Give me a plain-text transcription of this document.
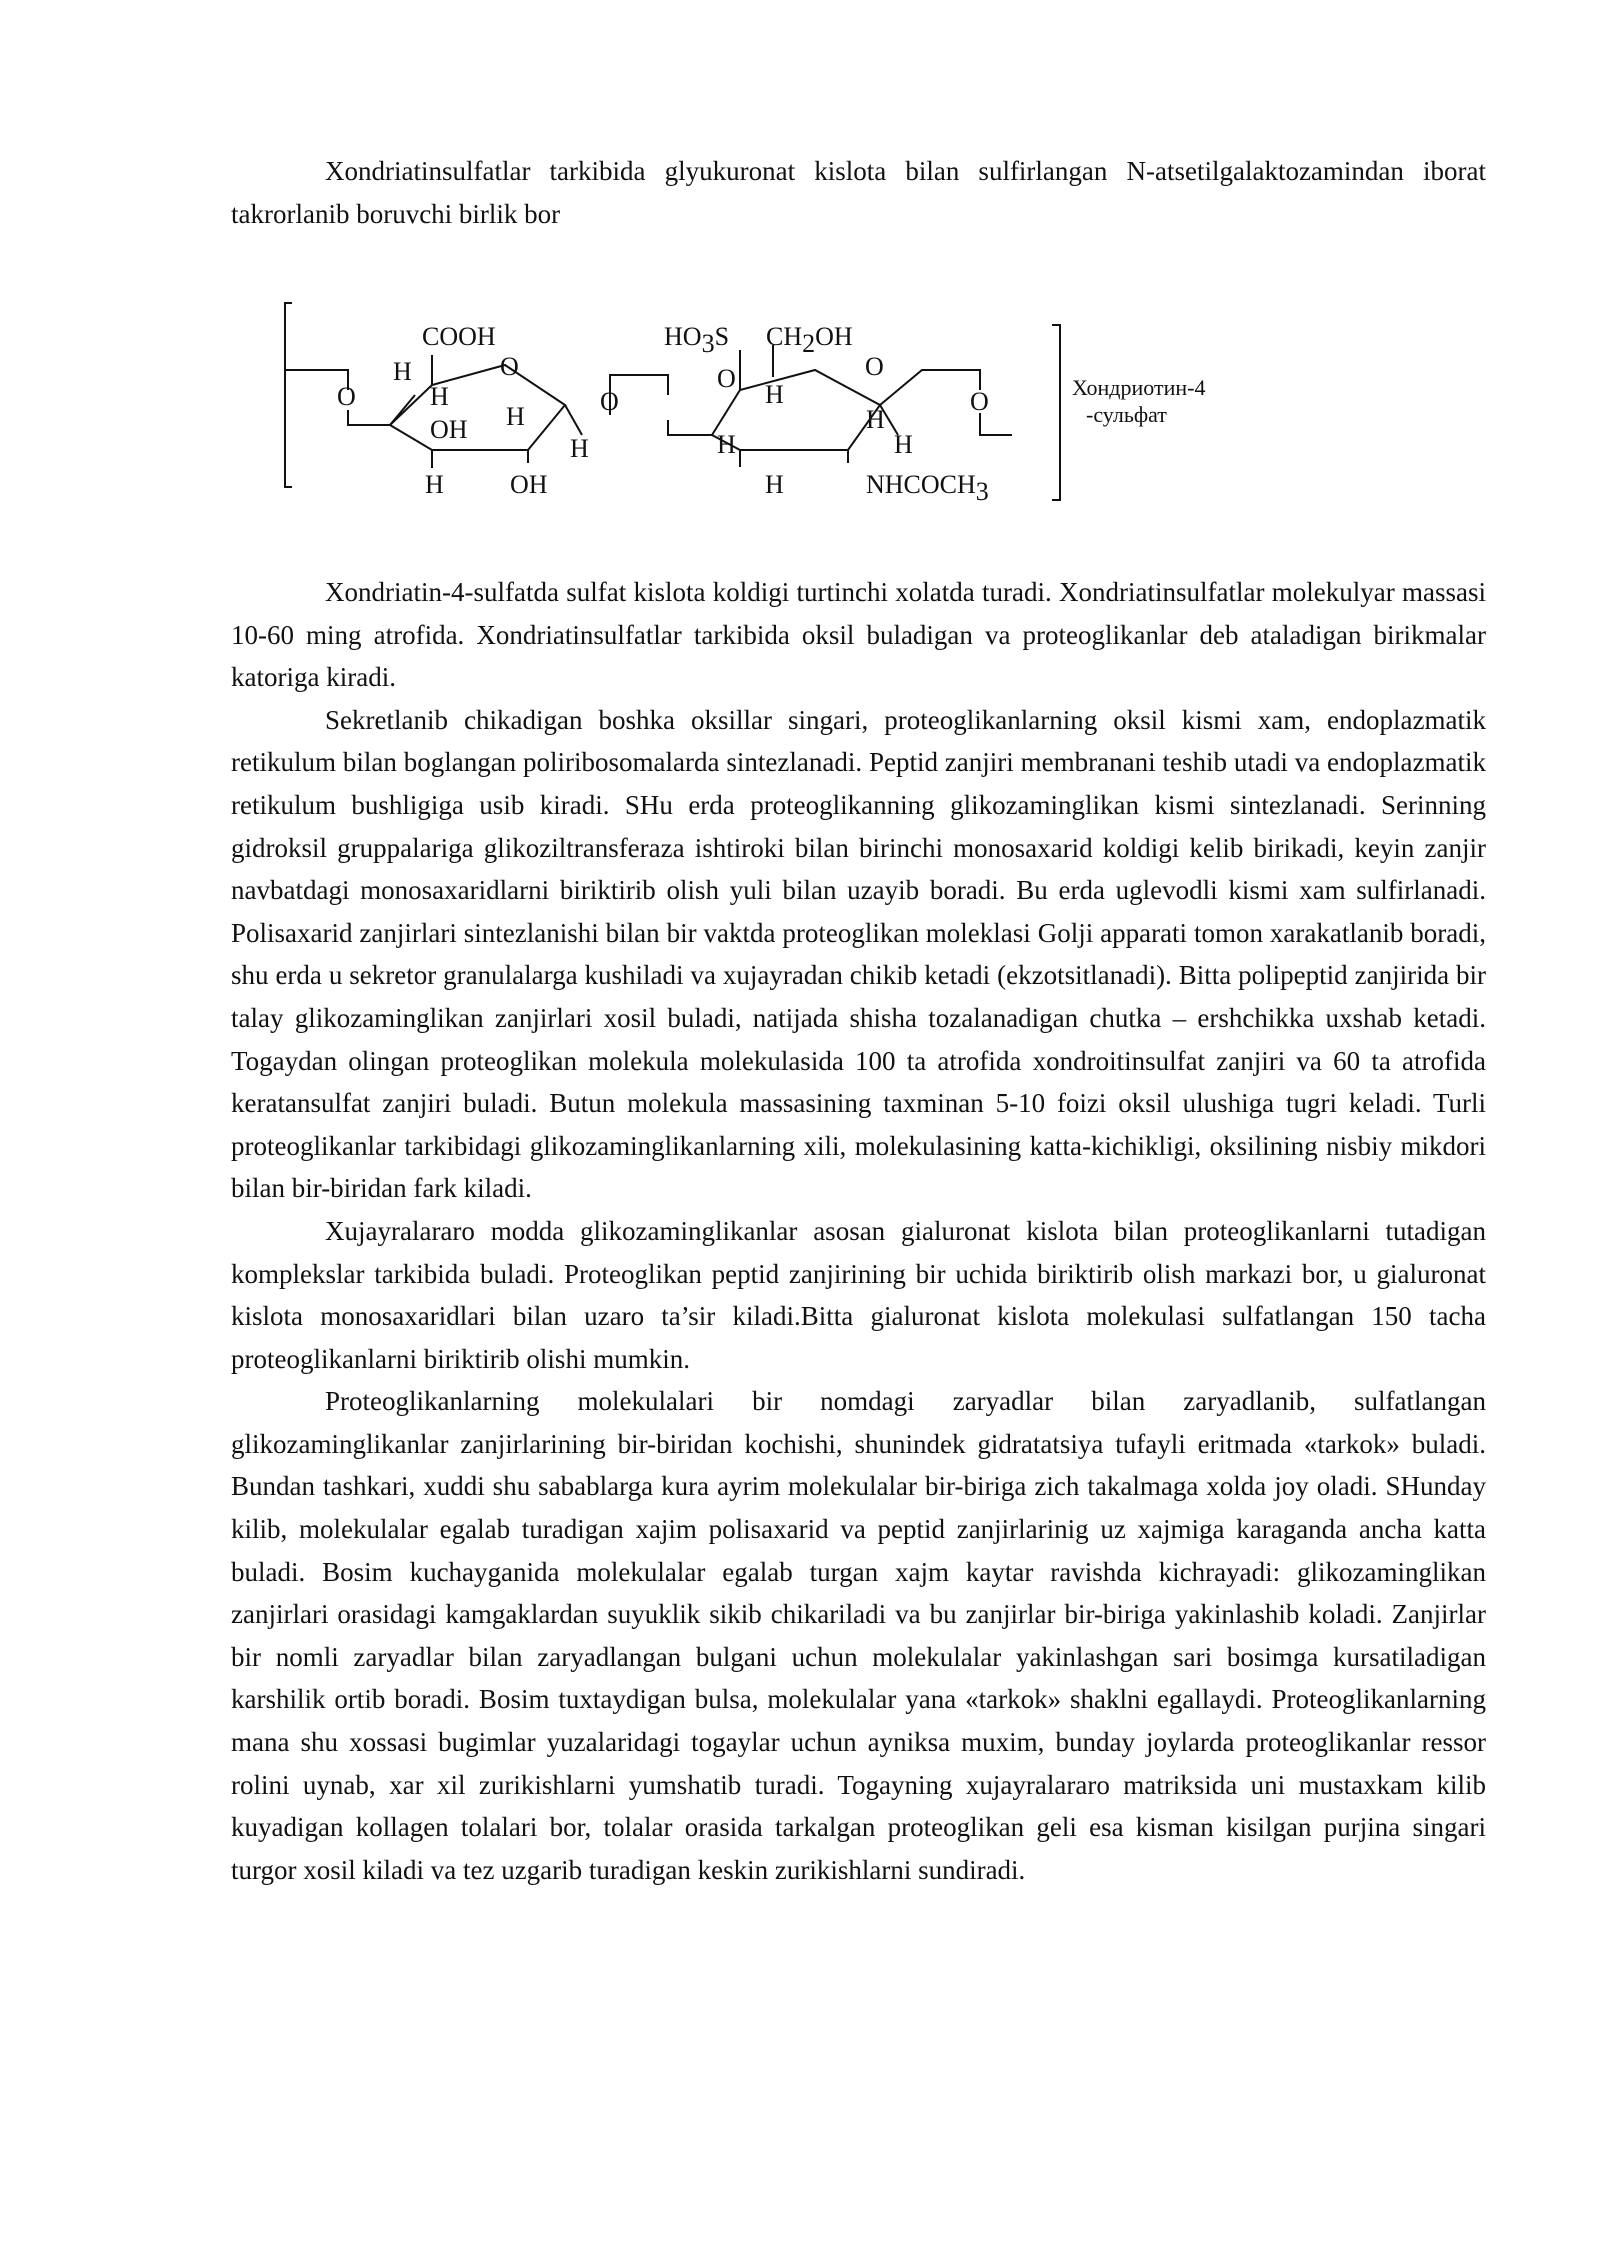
Xondriatinsulfatlar tarkibida glyukuronat kislota bilan sulfirlangan N-atsetilgalaktozamindan iborat takrorlanib boruvchi birlik bor

O
H
COOH
H
OH
O
H
H	OH
H
O
HO3S CH2OH
O
H
O
H
H
H
H
O
NHCOCH3
Хондриотин-4
-сульфат

Xondriatin-4-sulfatda sulfat kislota koldigi turtinchi xolatda turadi. Xondriatinsulfatlar molekulyar massasi 10-60 ming atrofida. Xondriatinsulfatlar tarkibida oksil buladigan va proteoglikanlar deb ataladigan birikmalar katoriga kiradi.

Sekretlanib chikadigan boshka oksillar singari, proteoglikanlarning oksil kismi xam, endoplazmatik retikulum bilan boglangan poliribosomalarda sintezlanadi. Peptid zanjiri membranani teshib utadi va endoplazmatik retikulum bushligiga usib kiradi. SHu erda proteoglikanning glikozaminglikan kismi sintezlanadi. Serinning gidroksil gruppalariga glikoziltransferaza ishtiroki bilan birinchi monosaxarid koldigi kelib birikadi, keyin zanjir navbatdagi monosaxaridlarni biriktirib olish yuli bilan uzayib boradi. Bu erda uglevodli kismi xam sulfirlanadi. Polisaxarid zanjirlari sintezlanishi bilan bir vaktda proteoglikan moleklasi Golji apparati tomon xarakatlanib boradi, shu erda u sekretor granulalarga kushiladi va xujayradan chikib ketadi (ekzotsitlanadi). Bitta polipeptid zanjirida bir talay glikozaminglikan zanjirlari xosil buladi, natijada shisha tozalanadigan chutka – ershchikka uxshab ketadi. Togaydan olingan proteoglikan molekula molekulasida 100 ta atrofida xondroitinsulfat zanjiri va 60 ta atrofida keratansulfat zanjiri buladi. Butun molekula massasining taxminan 5-10 foizi oksil ulushiga tugri keladi. Turli proteoglikanlar tarkibidagi glikozaminglikanlarning xili, molekulasining katta-kichikligi, oksilining nisbiy mikdori bilan bir-biridan fark kiladi.

Xujayralararo modda glikozaminglikanlar asosan gialuronat kislota bilan proteoglikanlarni tutadigan komplekslar tarkibida buladi. Proteoglikan peptid zanjirining bir uchida biriktirib olish markazi bor, u gialuronat kislota monosaxaridlari bilan uzaro ta’sir kiladi.Bitta gialuronat kislota molekulasi sulfatlangan 150 tacha proteoglikanlarni biriktirib olishi mumkin.

Proteoglikanlarning molekulalari bir nomdagi zaryadlar bilan zaryadlanib, sulfatlangan glikozaminglikanlar zanjirlarining bir-biridan kochishi, shunindek gidratatsiya tufayli eritmada «tarkok» buladi. Bundan tashkari, xuddi shu sabablarga kura ayrim molekulalar bir-biriga zich takalmaga xolda joy oladi. SHunday kilib, molekulalar egalab turadigan xajim polisaxarid va peptid zanjirlarinig uz xajmiga karaganda ancha katta buladi. Bosim kuchayganida molekulalar egalab turgan xajm kaytar ravishda kichrayadi: glikozaminglikan zanjirlari orasidagi kamgaklardan suyuklik sikib chikariladi va bu zanjirlar bir-biriga yakinlashib koladi. Zanjirlar bir nomli zaryadlar bilan zaryadlangan bulgani uchun molekulalar yakinlashgan sari bosimga kursatiladigan karshilik ortib boradi. Bosim tuxtaydigan bulsa, molekulalar yana «tarkok» shaklni egallaydi. Proteoglikanlarning mana shu xossasi bugimlar yuzalaridagi togaylar uchun ayniksa muxim, bunday joylarda proteoglikanlar ressor rolini uynab, xar xil zurikishlarni yumshatib turadi. Togayning xujayralararo matriksida uni mustaxkam kilib kuyadigan kollagen tolalari bor, tolalar orasida tarkalgan proteoglikan geli esa kisman kisilgan purjina singari turgor xosil kiladi va tez uzgarib turadigan keskin zurikishlarni sundiradi.
